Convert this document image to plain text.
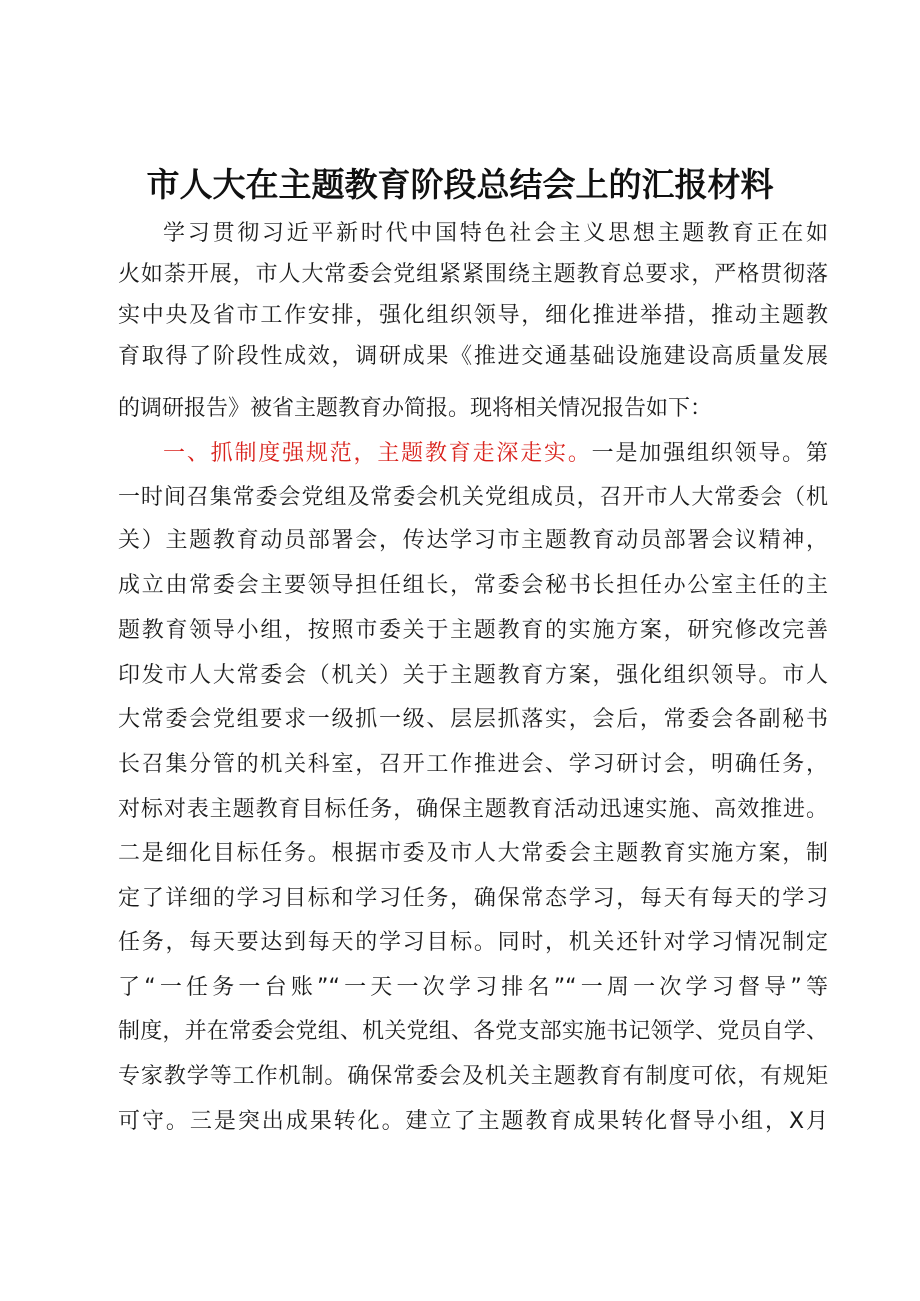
市人大在主题教育阶段总结会上的汇报材料
学习贯彻习近平新时代中国特色社会主义思想主题教育正在如
火如荼开展，市人大常委会党组紧紧围绕主题教育总要求，严格贯彻落
实中央及省市工作安排，强化组织领导，细化推进举措，推动主题教
育取得了阶段性成效，调研成果《推进交通基础设施建设高质量发展
的调研报告》被省主题教育办简报。现将相关情况报告如下：
一、抓制度强规范，主题教育走深走实。一是加强组织领导。第
一时间召集常委会党组及常委会机关党组成员，召开市人大常委会（机
关）主题教育动员部署会，传达学习市主题教育动员部署会议精神，
成立由常委会主要领导担任组长，常委会秘书长担任办公室主任的主
题教育领导小组，按照市委关于主题教育的实施方案，研究修改完善
印发市人大常委会（机关）关于主题教育方案，强化组织领导。市人
大常委会党组要求一级抓一级、层层抓落实，会后，常委会各副秘书
长召集分管的机关科室，召开工作推进会、学习研讨会，明确任务，
对标对表主题教育目标任务，确保主题教育活动迅速实施、高效推进。
二是细化目标任务。根据市委及市人大常委会主题教育实施方案，制
定了详细的学习目标和学习任务，确保常态学习，每天有每天的学习
任务，每天要达到每天的学习目标。同时，机关还针对学习情况制定
了“一任务一台账”“一天一次学习排名”“一周一次学习督导”等
制度，并在常委会党组、机关党组、各党支部实施书记领学、党员自学、
专家教学等工作机制。确保常委会及机关主题教育有制度可依，有规矩
可守。三是突出成果转化。建立了主题教育成果转化督导小组，X月
